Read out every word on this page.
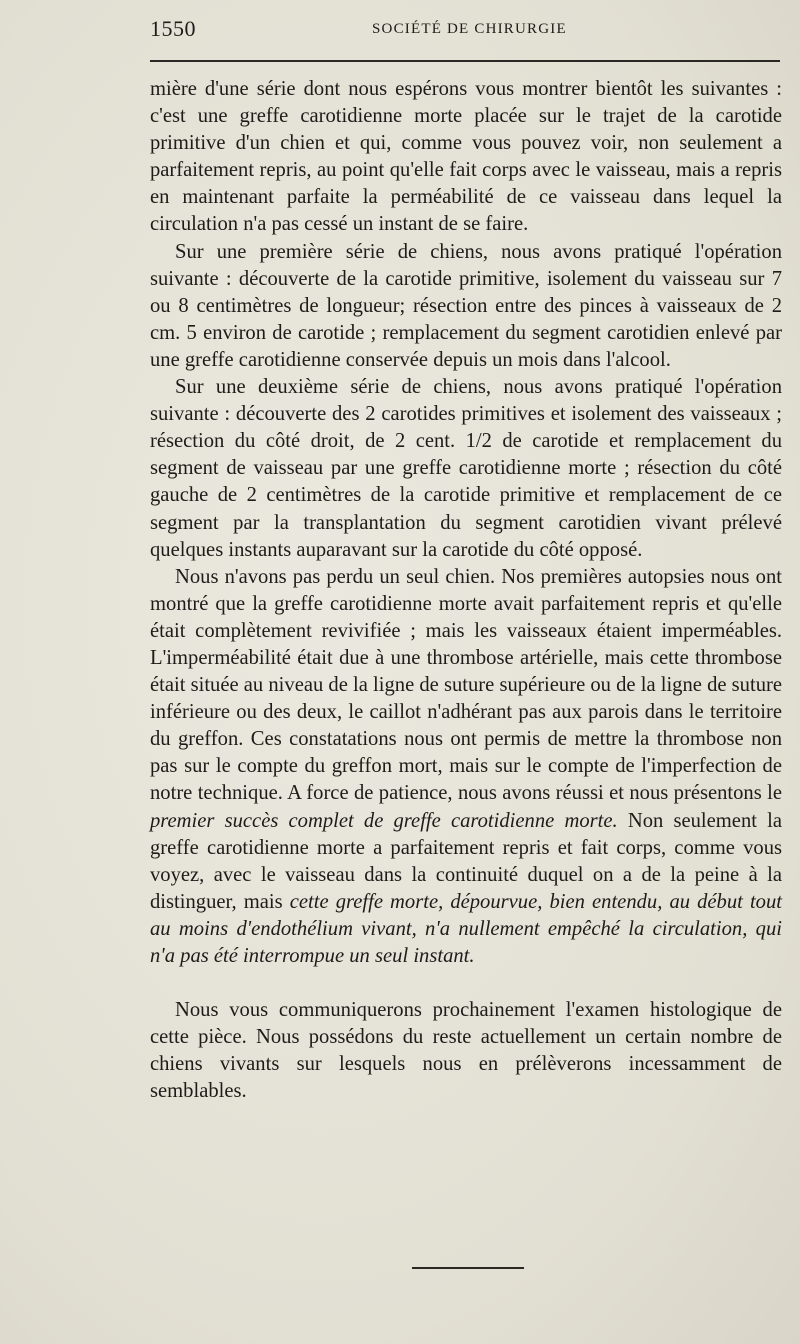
1550	SOCIÉTÉ DE CHIRURGIE

mière d'une série dont nous espérons vous montrer bientôt les suivantes : c'est une greffe carotidienne morte placée sur le trajet de la carotide primitive d'un chien et qui, comme vous pouvez voir, non seulement a parfaitement repris, au point qu'elle fait corps avec le vaisseau, mais a repris en maintenant parfaite la perméabilité de ce vaisseau dans lequel la circulation n'a pas cessé un instant de se faire.

Sur une première série de chiens, nous avons pratiqué l'opération suivante : découverte de la carotide primitive, isolement du vaisseau sur 7 ou 8 centimètres de longueur; résection entre des pinces à vaisseaux de 2 cm. 5 environ de carotide ; remplacement du segment carotidien enlevé par une greffe carotidienne conservée depuis un mois dans l'alcool.

Sur une deuxième série de chiens, nous avons pratiqué l'opération suivante : découverte des 2 carotides primitives et isolement des vaisseaux ; résection du côté droit, de 2 cent. 1/2 de carotide et remplacement du segment de vaisseau par une greffe carotidienne morte ; résection du côté gauche de 2 centimètres de la carotide primitive et remplacement de ce segment par la transplantation du segment carotidien vivant prélevé quelques instants auparavant sur la carotide du côté opposé.

Nous n'avons pas perdu un seul chien. Nos premières autopsies nous ont montré que la greffe carotidienne morte avait parfaitement repris et qu'elle était complètement revivifiée ; mais les vaisseaux étaient imperméables. L'imperméabilité était due à une thrombose artérielle, mais cette thrombose était située au niveau de la ligne de suture supérieure ou de la ligne de suture inférieure ou des deux, le caillot n'adhérant pas aux parois dans le territoire du greffon. Ces constatations nous ont permis de mettre la thrombose non pas sur le compte du greffon mort, mais sur le compte de l'imperfection de notre technique. A force de patience, nous avons réussi et nous présentons le premier succès complet de greffe carotidienne morte. Non seulement la greffe carotidienne morte a parfaitement repris et fait corps, comme vous voyez, avec le vaisseau dans la continuité duquel on a de la peine à la distinguer, mais cette greffe morte, dépourvue, bien entendu, au début tout au moins d'endothélium vivant, n'a nullement empêché la circulation, qui n'a pas été interrompue un seul instant.

Nous vous communiquerons prochainement l'examen histologique de cette pièce. Nous possédons du reste actuellement un certain nombre de chiens vivants sur lesquels nous en prélèverons incessamment de semblables.
